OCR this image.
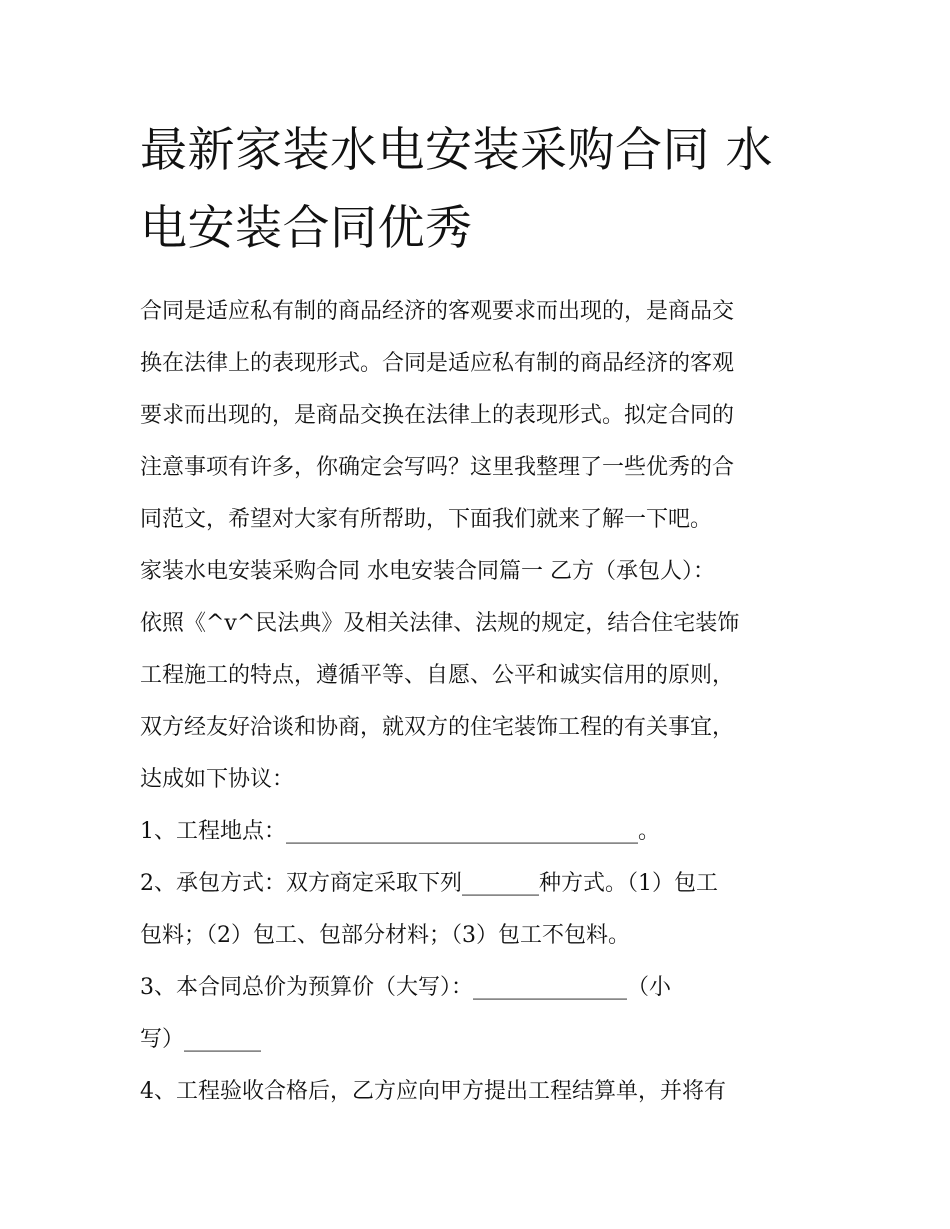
最新家装水电安装采购合同 水
电安装合同优秀
合同是适应私有制的商品经济的客观要求而出现的，是商品交
换在法律上的表现形式。合同是适应私有制的商品经济的客观
要求而出现的，是商品交换在法律上的表现形式。拟定合同的
注意事项有许多，你确定会写吗？这里我整理了一些优秀的合
同范文，希望对大家有所帮助，下面我们就来了解一下吧。
家装水电安装采购合同 水电安装合同篇一 乙方（承包人）：
依照《^v^民法典》及相关法律、法规的规定，结合住宅装饰
工程施工的特点，遵循平等、自愿、公平和诚实信用的原则，
双方经友好洽谈和协商，就双方的住宅装饰工程的有关事宜，
达成如下协议：
1、工程地点：________________________________。
2、承包方式：双方商定采取下列_______种方式。（1）包工
包料；（2）包工、包部分材料；（3）包工不包料。
3、本合同总价为预算价（大写）：______________（小
写）_______
4、工程验收合格后，乙方应向甲方提出工程结算单，并将有
